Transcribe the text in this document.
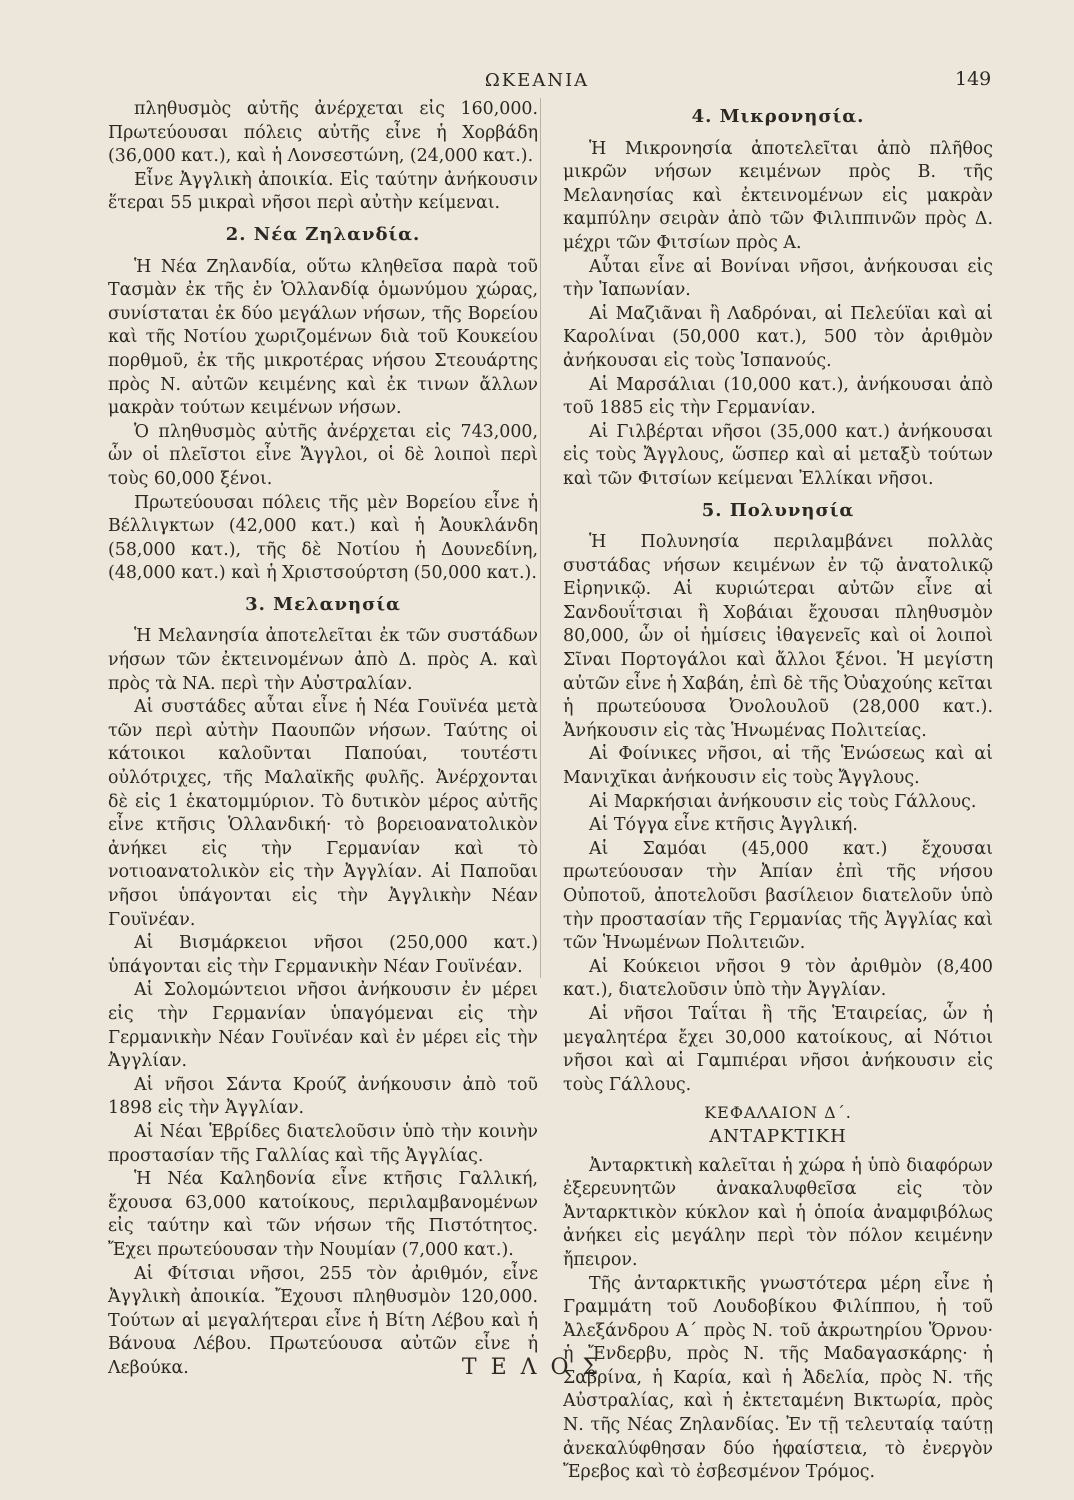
ΩΚΕΑΝΙΑ	149

πληθυσμὸς αὐτῆς ἀνέρχεται εἰς 160,000. Πρωτεύουσαι πόλεις αὐτῆς εἶνε ἡ Χορβάδη (36,000 κατ.), καὶ ἡ Λονσεστώνη, (24,000 κατ.).

Εἶνε Ἀγγλικὴ ἀποικία. Εἰς ταύτην ἀνήκουσιν ἕτεραι 55 μικραὶ νῆσοι περὶ αὐτὴν κείμεναι.

2. Νέα Ζηλανδία.

Ἡ Νέα Ζηλανδία, οὕτω κληθεῖσα παρὰ τοῦ Τασμὰν ἐκ τῆς ἐν Ὁλλανδίᾳ ὁμωνύμου χώρας, συνίσταται ἐκ δύο μεγάλων νήσων, τῆς Βορείου καὶ τῆς Νοτίου χωριζομένων διὰ τοῦ Κουκείου πορθμοῦ, ἐκ τῆς μικροτέρας νήσου Στεουάρτης πρὸς Ν. αὐτῶν κειμένης καὶ ἐκ τινων ἄλλων μακρὰν τούτων κειμένων νήσων.

Ὁ πληθυσμὸς αὐτῆς ἀνέρχεται εἰς 743,000, ὧν οἱ πλεῖστοι εἶνε Ἄγγλοι, οἱ δὲ λοιποὶ περὶ τοὺς 60,000 ξένοι.

Πρωτεύουσαι πόλεις τῆς μὲν Βορείου εἶνε ἡ Βέλλιγκτων (42,000 κατ.) καὶ ἡ Ἀουκλάνδη (58,000 κατ.), τῆς δὲ Νοτίου ἡ Δουνεδίνη, (48,000 κατ.) καὶ ἡ Χριστσούρτση (50,000 κατ.).

3. Μελανησία

Ἡ Μελανησία ἀποτελεῖται ἐκ τῶν συστάδων νήσων τῶν ἐκτεινομένων ἀπὸ Δ. πρὸς Α. καὶ πρὸς τὰ ΝΑ. περὶ τὴν Αὐστραλίαν.

Αἱ συστάδες αὗται εἶνε ἡ Νέα Γουϊνέα μετὰ τῶν περὶ αὐτὴν Παουπῶν νήσων. Ταύτης οἱ κάτοικοι καλοῦνται Παπούαι, τουτέστι οὐλότριχες, τῆς Μαλαϊκῆς φυλῆς. Ἀνέρχονται δὲ εἰς 1 ἑκατομμύριον. Τὸ δυτικὸν μέρος αὐτῆς εἶνε κτῆσις Ὁλλανδική· τὸ βορειοανατολικὸν ἀνήκει εἰς τὴν Γερμανίαν καὶ τὸ νοτιοανατολικὸν εἰς τὴν Ἀγγλίαν. Αἱ Παποῦαι νῆσοι ὑπάγονται εἰς τὴν Ἀγγλικὴν Νέαν Γουϊνέαν.

Αἱ Βισμάρκειοι νῆσοι (250,000 κατ.) ὑπάγονται εἰς τὴν Γερμανικὴν Νέαν Γουϊνέαν.

Αἱ Σολομώντειοι νῆσοι ἀνήκουσιν ἐν μέρει εἰς τὴν Γερμανίαν ὑπαγόμεναι εἰς τὴν Γερμανικὴν Νέαν Γουϊνέαν καὶ ἐν μέρει εἰς τὴν Ἀγγλίαν.

Αἱ νῆσοι Σάντα Κρούζ ἀνήκουσιν ἀπὸ τοῦ 1898 εἰς τὴν Ἀγγλίαν.

Αἱ Νέαι Ἑβρίδες διατελοῦσιν ὑπὸ τὴν κοινὴν προστασίαν τῆς Γαλλίας καὶ τῆς Ἀγγλίας.

Ἡ Νέα Καληδονία εἶνε κτῆσις Γαλλική, ἔχουσα 63,000 κατοίκους, περιλαμβανομένων εἰς ταύτην καὶ τῶν νήσων τῆς Πιστότητος. Ἔχει πρωτεύουσαν τὴν Νουμίαν (7,000 κατ.).

Αἱ Φίτσιαι νῆσοι, 255 τὸν ἀριθμόν, εἶνε Ἀγγλικὴ ἀποικία. Ἔχουσι πληθυσμὸν 120,000. Τούτων αἱ μεγαλήτεραι εἶνε ἡ Βίτη Λέβου καὶ ἡ Βάνουα Λέβου. Πρωτεύουσα αὐτῶν εἶνε ἡ Λεβούκα.

4. Μικρονησία.

Ἡ Μικρονησία ἀποτελεῖται ἀπὸ πλῆθος μικρῶν νήσων κειμένων πρὸς Β. τῆς Μελανησίας καὶ ἐκτεινομένων εἰς μακρὰν καμπύλην σειρὰν ἀπὸ τῶν Φιλιππινῶν πρὸς Δ. μέχρι τῶν Φιτσίων πρὸς Α.

Αὗται εἶνε αἱ Βονίναι νῆσοι, ἀνήκουσαι εἰς τὴν Ἰαπωνίαν.

Αἱ Μαζιᾶναι ἢ Λαδρόναι, αἱ Πελεύϊαι καὶ αἱ Καρολίναι (50,000 κατ.), 500 τὸν ἀριθμὸν ἀνήκουσαι εἰς τοὺς Ἰσπανούς.

Αἱ Μαρσάλιαι (10,000 κατ.), ἀνήκουσαι ἀπὸ τοῦ 1885 εἰς τὴν Γερμανίαν.

Αἱ Γιλβέρται νῆσοι (35,000 κατ.) ἀνήκουσαι εἰς τοὺς Ἄγγλους, ὥσπερ καὶ αἱ μεταξὺ τούτων καὶ τῶν Φιτσίων κείμεναι Ἐλλίκαι νῆσοι.

5. Πολυνησία

Ἡ Πολυνησία περιλαμβάνει πολλὰς συστάδας νήσων κειμένων ἐν τῷ ἀνατολικῷ Εἰρηνικῷ. Αἱ κυριώτεραι αὐτῶν εἶνε αἱ Σανδουΐτσιαι ἢ Χοβάιαι ἔχουσαι πληθυσμὸν 80,000, ὧν οἱ ἡμίσεις ἰθαγενεῖς καὶ οἱ λοιποὶ Σῖναι Πορτογάλοι καὶ ἄλλοι ξένοι. Ἡ μεγίστη αὐτῶν εἶνε ἡ Χαβάη, ἐπὶ δὲ τῆς Ὀὐαχούης κεῖται ἡ πρωτεύουσα Ὀνολουλοῦ (28,000 κατ.). Ἀνήκουσιν εἰς τὰς Ἡνωμένας Πολιτείας.

Αἱ Φοίνικες νῆσοι, αἱ τῆς Ἑνώσεως καὶ αἱ Μανιχῖκαι ἀνήκουσιν εἰς τοὺς Ἄγγλους.

Αἱ Μαρκήσιαι ἀνήκουσιν εἰς τοὺς Γάλλους.

Αἱ Τόγγα εἶνε κτῆσις Ἀγγλική.

Αἱ Σαμόαι (45,000 κατ.) ἔχουσαι πρωτεύουσαν τὴν Ἀπίαν ἐπὶ τῆς νήσου Οὐποτοῦ, ἀποτελοῦσι βασίλειον διατελοῦν ὑπὸ τὴν προστασίαν τῆς Γερμανίας τῆς Ἀγγλίας καὶ τῶν Ἡνωμένων Πολιτειῶν.

Αἱ Κούκειοι νῆσοι 9 τὸν ἀριθμὸν (8,400 κατ.), διατελοῦσιν ὑπὸ τὴν Ἀγγλίαν.

Αἱ νῆσοι Ταΐται ἢ τῆς Ἑταιρείας, ὧν ἡ μεγαλητέρα ἔχει 30,000 κατοίκους, αἱ Νότιοι νῆσοι καὶ αἱ Γαμπιέραι νῆσοι ἀνήκουσιν εἰς τοὺς Γάλλους.

ΚΕΦΑΛΑΙΟΝ Δ΄.

ΑΝΤΑΡΚΤΙΚΗ

Ἀνταρκτικὴ καλεῖται ἡ χώρα ἡ ὑπὸ διαφόρων ἐξερευνητῶν ἀνακαλυφθεῖσα εἰς τὸν Ἀνταρκτικὸν κύκλον καὶ ἡ ὁποία ἀναμφιβόλως ἀνήκει εἰς μεγάλην περὶ τὸν πόλον κειμένην ἤπειρον.

Τῆς ἀνταρκτικῆς γνωστότερα μέρη εἶνε ἡ Γραμμάτη τοῦ Λουδοβίκου Φιλίππου, ἡ τοῦ Ἀλεξάνδρου Α΄ πρὸς Ν. τοῦ ἀκρωτηρίου Ὅρνου· ἡ Ἔνδερβυ, πρὸς Ν. τῆς Μαδαγασκάρης· ἡ Σαβρίνα, ἡ Καρία, καὶ ἡ Ἀδελία, πρὸς Ν. τῆς Αὐστραλίας, καὶ ἡ ἐκτεταμένη Βικτωρία, πρὸς Ν. τῆς Νέας Ζηλανδίας. Ἐν τῇ τελευταίᾳ ταύτῃ ἀνεκαλύφθησαν δύο ἡφαίστεια, τὸ ἐνεργὸν Ἔρεβος καὶ τὸ ἐσβεσμένον Τρόμος.

ΤΕΛΟΣ
